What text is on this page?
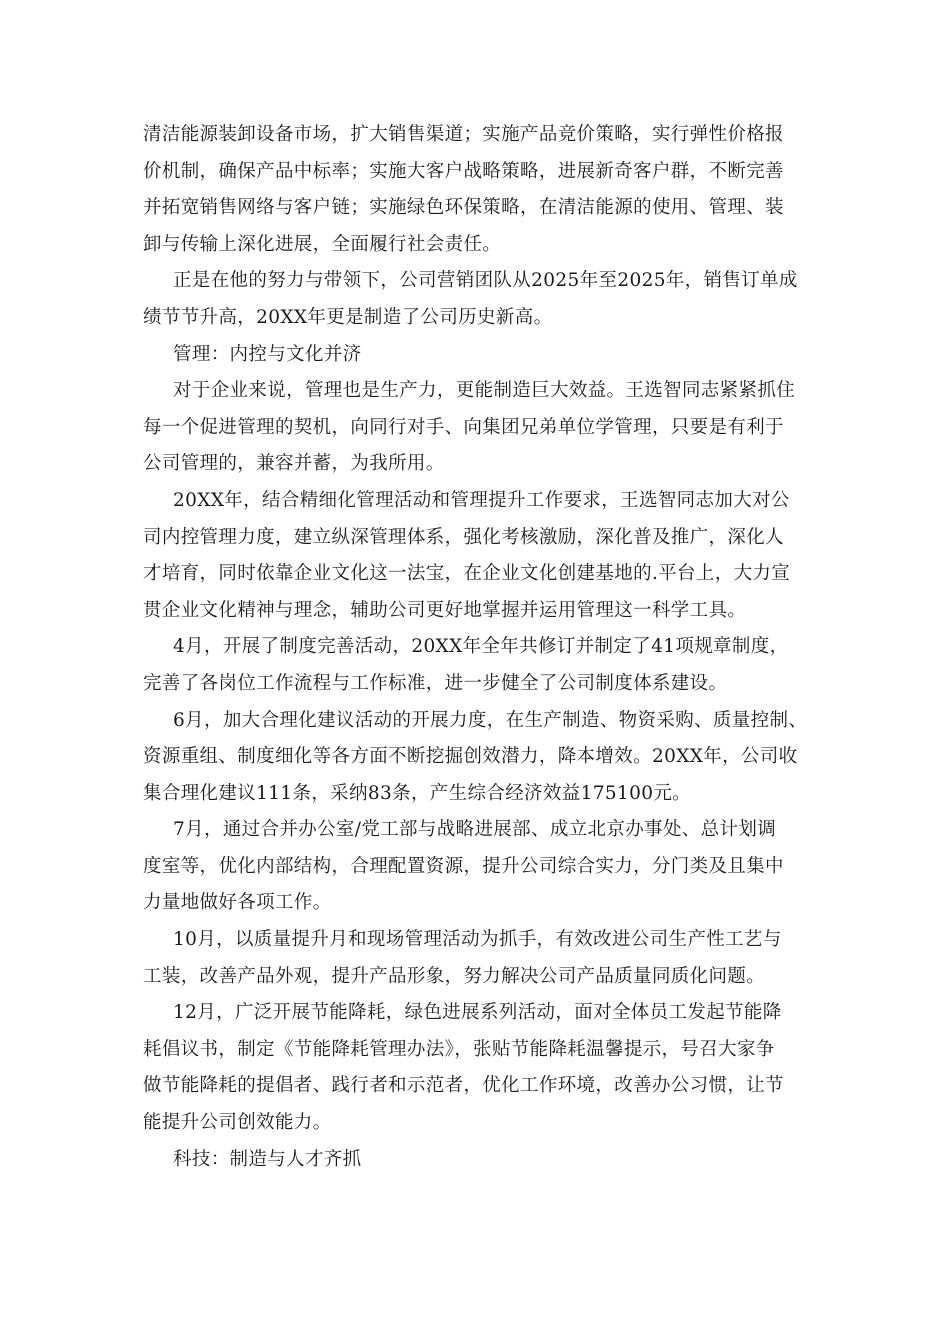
清洁能源装卸设备市场，扩大销售渠道；实施产品竞价策略，实行弹性价格报
价机制，确保产品中标率；实施大客户战略策略，进展新奇客户群，不断完善
并拓宽销售网络与客户链；实施绿色环保策略，在清洁能源的使用、管理、装
卸与传输上深化进展，全面履行社会责任。
正是在他的努力与带领下，公司营销团队从2025年至2025年，销售订单成
绩节节升高，20XX年更是制造了公司历史新高。
管理：内控与文化并济
对于企业来说，管理也是生产力，更能制造巨大效益。王选智同志紧紧抓住
每一个促进管理的契机，向同行对手、向集团兄弟单位学管理，只要是有利于
公司管理的，兼容并蓄，为我所用。
20XX年，结合精细化管理活动和管理提升工作要求，王选智同志加大对公
司内控管理力度，建立纵深管理体系，强化考核激励，深化普及推广，深化人
才培育，同时依靠企业文化这一法宝，在企业文化创建基地的.平台上，大力宣
贯企业文化精神与理念，辅助公司更好地掌握并运用管理这一科学工具。
4月，开展了制度完善活动，20XX年全年共修订并制定了41项规章制度，
完善了各岗位工作流程与工作标准，进一步健全了公司制度体系建设。
6月，加大合理化建议活动的开展力度，在生产制造、物资采购、质量控制、
资源重组、制度细化等各方面不断挖掘创效潜力，降本增效。20XX年，公司收
集合理化建议111条，采纳83条，产生综合经济效益175100元。
7月，通过合并办公室/党工部与战略进展部、成立北京办事处、总计划调
度室等，优化内部结构，合理配置资源，提升公司综合实力，分门类及且集中
力量地做好各项工作。
10月，以质量提升月和现场管理活动为抓手，有效改进公司生产性工艺与
工装，改善产品外观，提升产品形象，努力解决公司产品质量同质化问题。
12月，广泛开展节能降耗，绿色进展系列活动，面对全体员工发起节能降
耗倡议书，制定《节能降耗管理办法》，张贴节能降耗温馨提示，号召大家争
做节能降耗的提倡者、践行者和示范者，优化工作环境，改善办公习惯，让节
能提升公司创效能力。
科技：制造与人才齐抓
